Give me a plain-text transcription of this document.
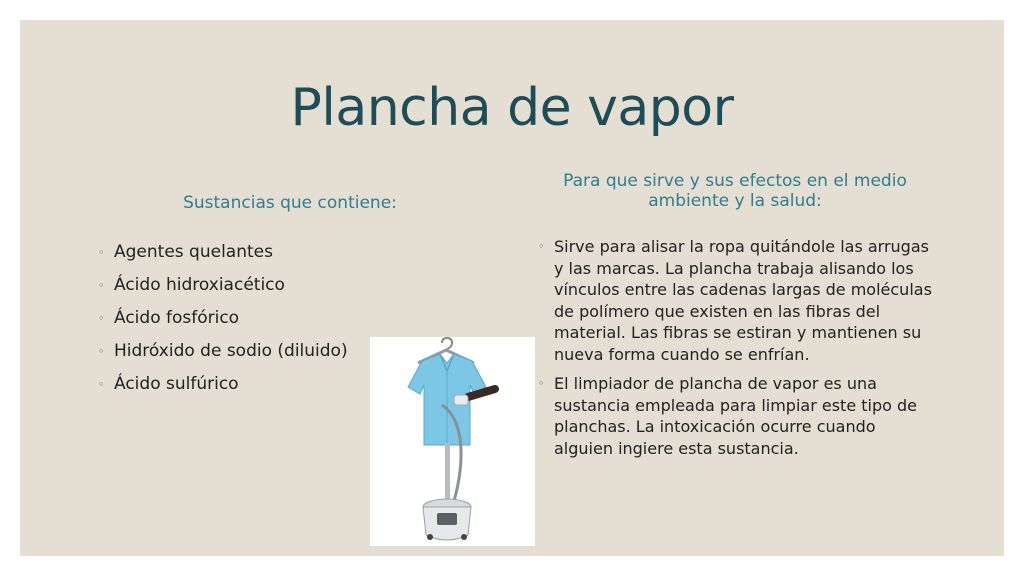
Plancha de vapor
Sustancias que contiene:
Para que sirve y sus efectos en el medio ambiente y la salud:
◦ Agentes quelantes
◦ Ácido hidroxiacético
◦ Ácido fosfórico
◦ Hidróxido de sodio (diluido)
◦ Ácido sulfúrico
◦ Sirve para alisar la ropa quitándole las arrugas y las marcas. La plancha trabaja alisando los vínculos entre las cadenas largas de moléculas de polímero que existen en las fibras del material. Las fibras se estiran y mantienen su nueva forma cuando se enfrían.
◦ El limpiador de plancha de vapor es una sustancia empleada para limpiar este tipo de planchas. La intoxicación ocurre cuando alguien ingiere esta sustancia.
